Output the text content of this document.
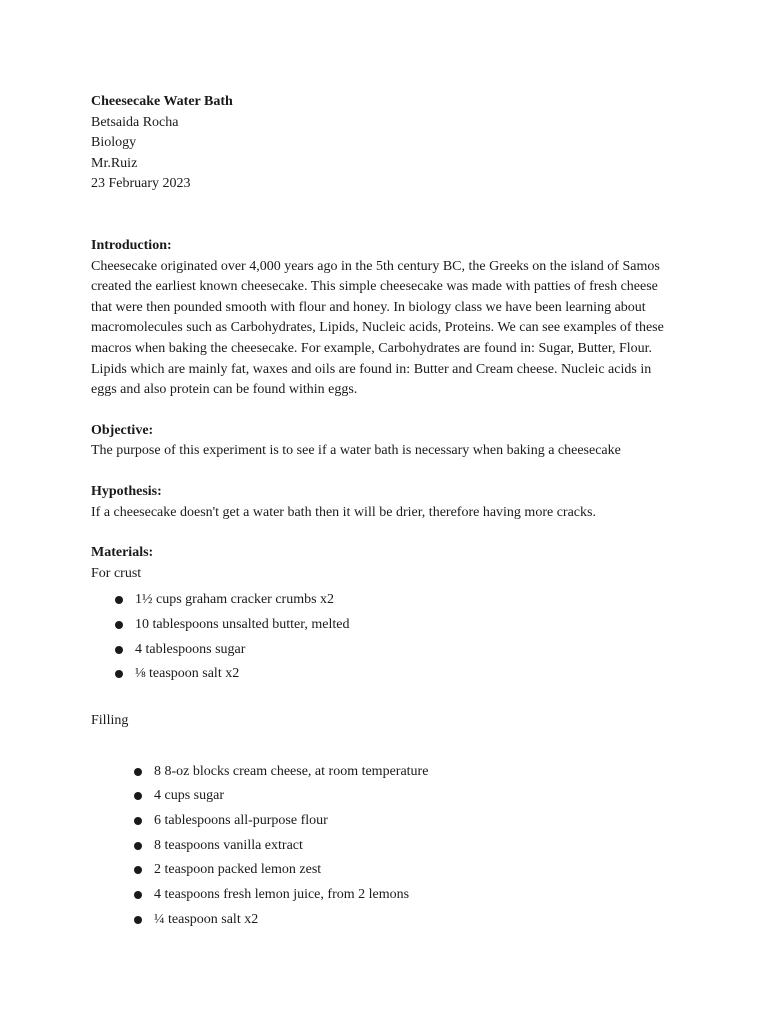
Cheesecake Water Bath
Betsaida Rocha
Biology
Mr.Ruiz
23 February 2023
Introduction:
Cheesecake originated over 4,000 years ago in the 5th century BC, the Greeks on the island of Samos created the earliest known cheesecake. This simple cheesecake was made with patties of fresh cheese that were then pounded smooth with flour and honey. In biology class we have been learning about macromolecules such as Carbohydrates, Lipids, Nucleic acids, Proteins. We can see examples of these macros when baking the cheesecake. For example, Carbohydrates are found in: Sugar, Butter, Flour. Lipids which are mainly fat, waxes and oils are found in: Butter and Cream cheese. Nucleic acids in eggs and also protein can be found within eggs.
Objective:
The purpose of this experiment is to see if a water bath is necessary when baking a cheesecake
Hypothesis:
If a cheesecake doesn't get a water bath then it will be drier, therefore having more cracks.
Materials:
For crust
1½ cups graham cracker crumbs x2
10 tablespoons unsalted butter, melted
4 tablespoons sugar
⅛ teaspoon salt x2
Filling
8 8-oz blocks cream cheese, at room temperature
4 cups sugar
6 tablespoons all-purpose flour
8 teaspoons vanilla extract
2 teaspoon packed lemon zest
4 teaspoons fresh lemon juice, from 2 lemons
¼ teaspoon salt x2
